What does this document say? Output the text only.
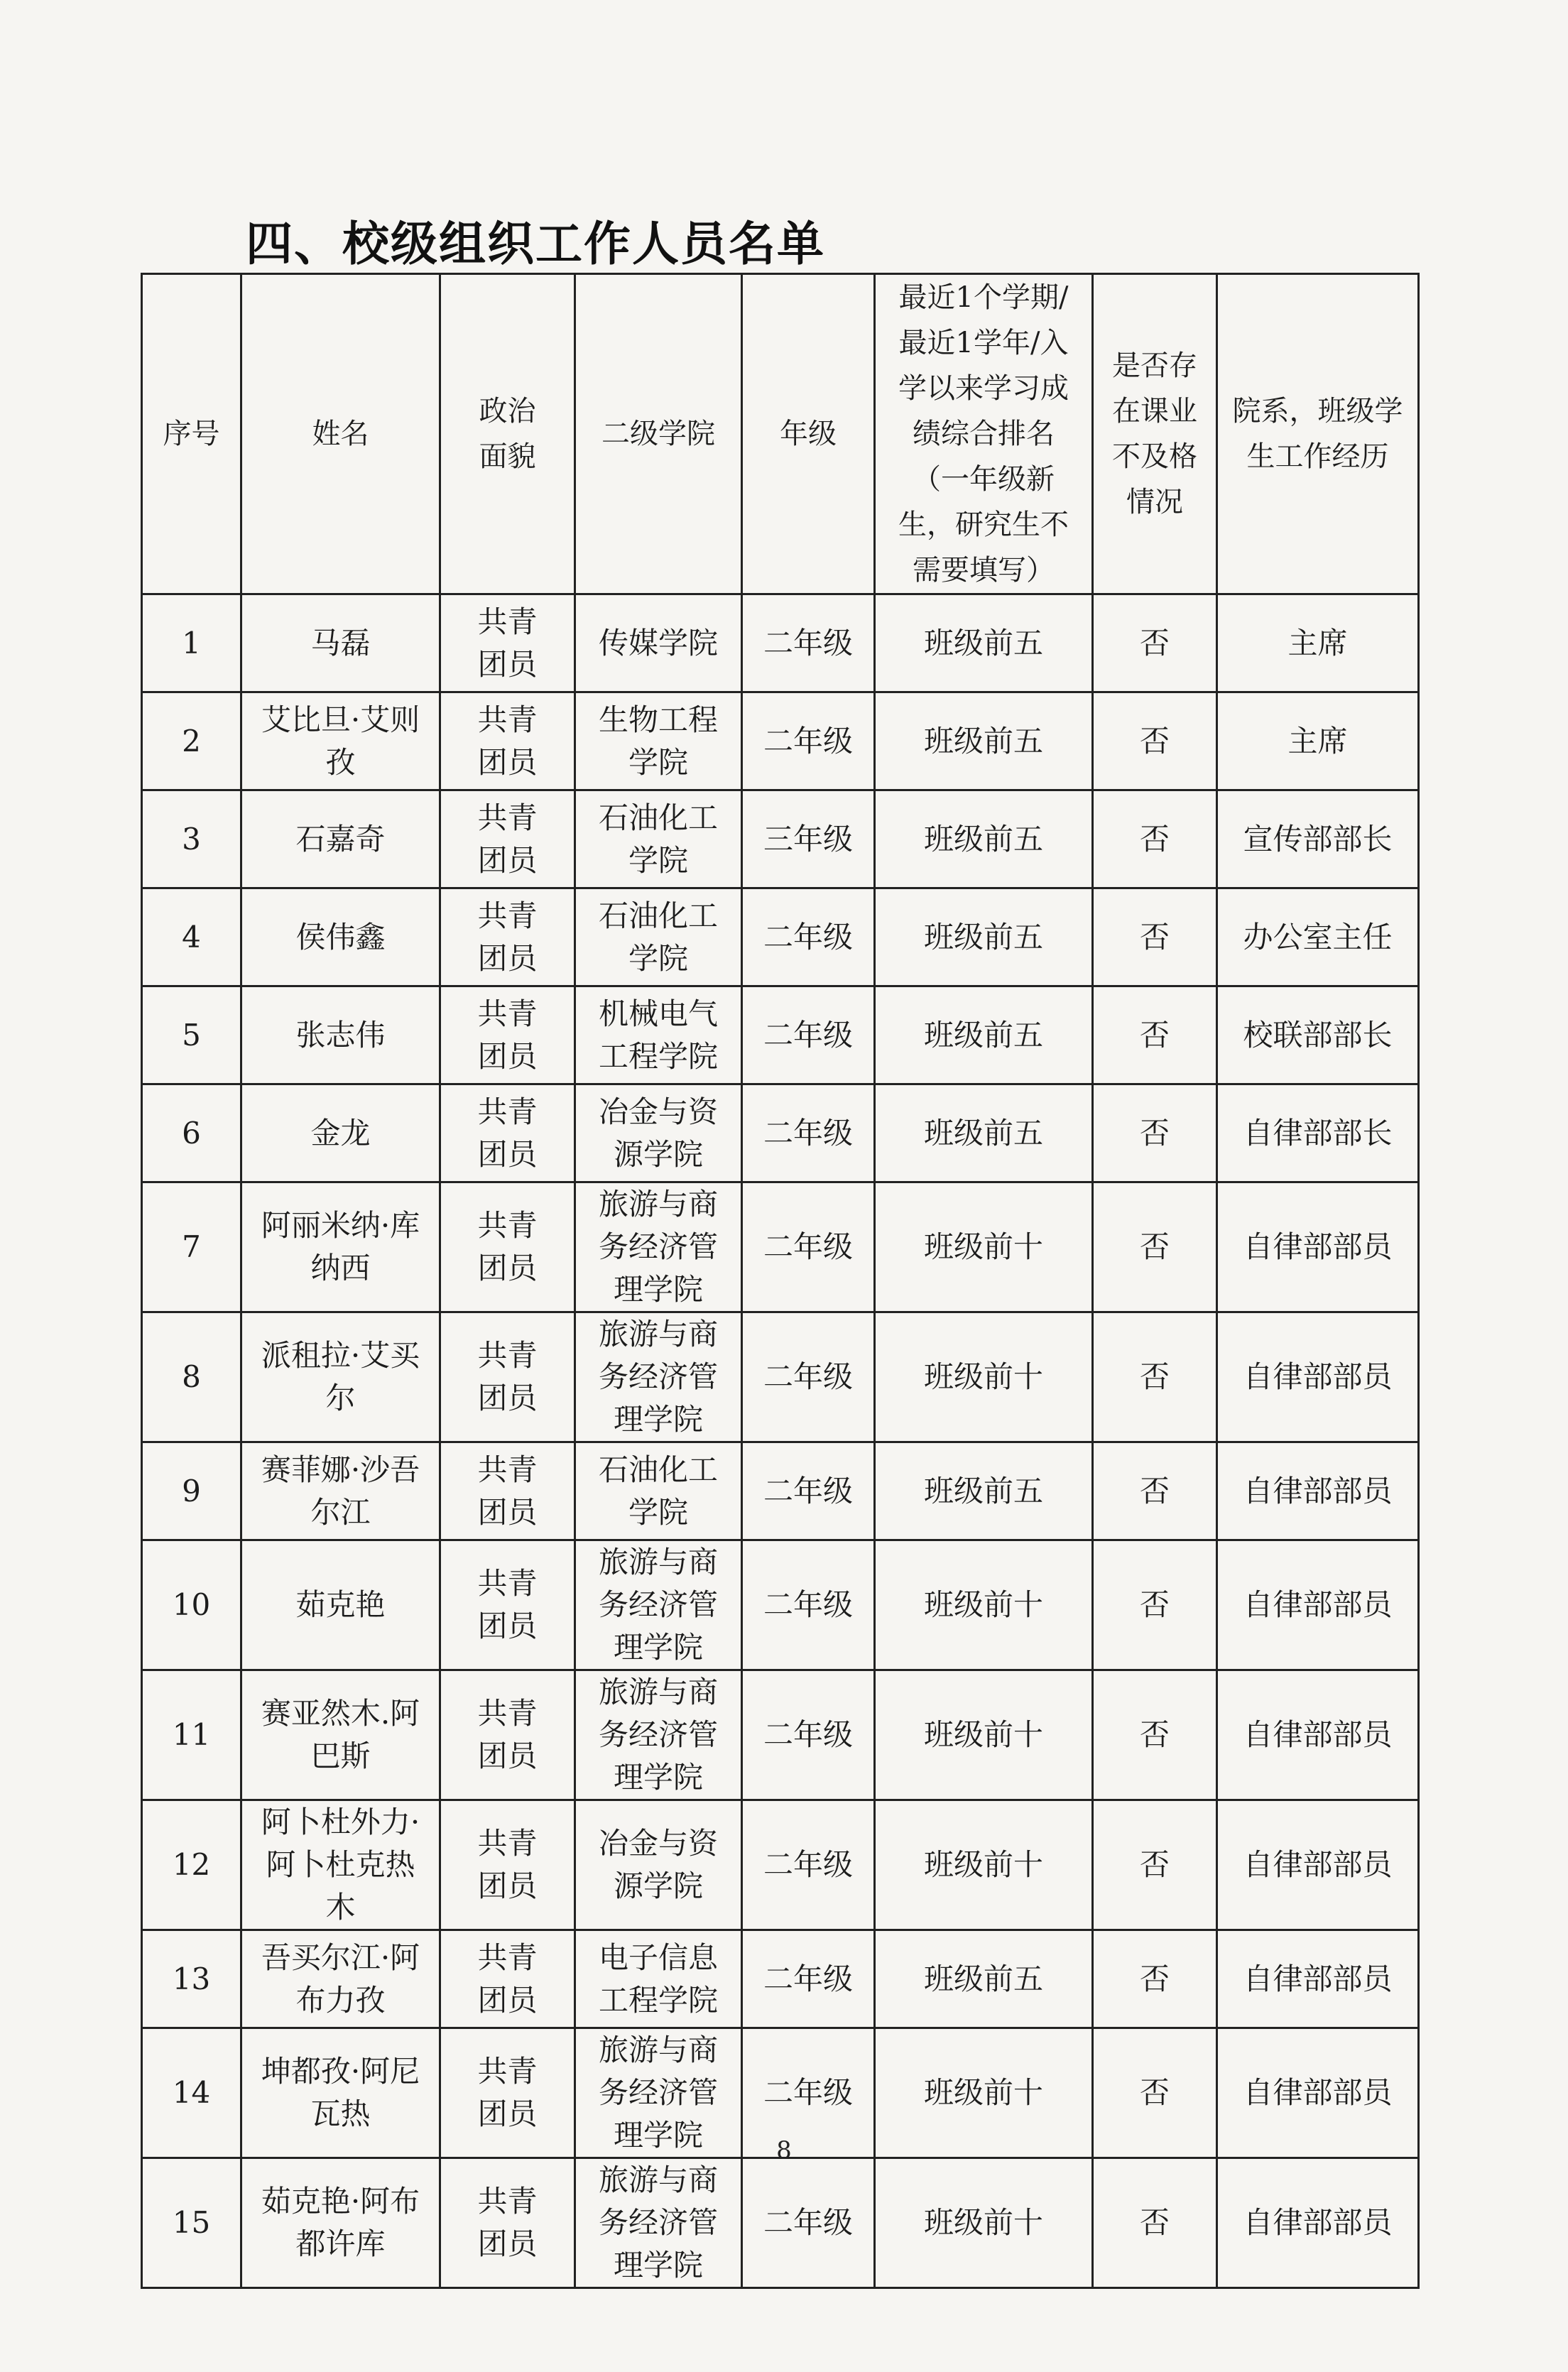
四、校级组织工作人员名单
序号	姓名	政治面貌	二级学院	年级	最近1个学期/最近1学年/入学以来学习成绩综合排名（一年级新生，研究生不需要填写）	是否存在课业不及格情况	院系，班级学生工作经历
1	马磊	共青团员	传媒学院	二年级	班级前五	否	主席
2	艾比旦·艾则孜	共青团员	生物工程学院	二年级	班级前五	否	主席
3	石嘉奇	共青团员	石油化工学院	三年级	班级前五	否	宣传部部长
4	侯伟鑫	共青团员	石油化工学院	二年级	班级前五	否	办公室主任
5	张志伟	共青团员	机械电气工程学院	二年级	班级前五	否	校联部部长
6	金龙	共青团员	冶金与资源学院	二年级	班级前五	否	自律部部长
7	阿丽米纳·库纳西	共青团员	旅游与商务经济管理学院	二年级	班级前十	否	自律部部员
8	派租拉·艾买尔	共青团员	旅游与商务经济管理学院	二年级	班级前十	否	自律部部员
9	赛菲娜·沙吾尔江	共青团员	石油化工学院	二年级	班级前五	否	自律部部员
10	茹克艳	共青团员	旅游与商务经济管理学院	二年级	班级前十	否	自律部部员
11	赛亚然木.阿巴斯	共青团员	旅游与商务经济管理学院	二年级	班级前十	否	自律部部员
12	阿卜杜外力·阿卜杜克热木	共青团员	冶金与资源学院	二年级	班级前十	否	自律部部员
13	吾买尔江·阿布力孜	共青团员	电子信息工程学院	二年级	班级前五	否	自律部部员
14	坤都孜·阿尼瓦热	共青团员	旅游与商务经济管理学院	二年级	班级前十	否	自律部部员
15	茹克艳·阿布都许库	共青团员	旅游与商务经济管理学院	二年级	班级前十	否	自律部部员
8
